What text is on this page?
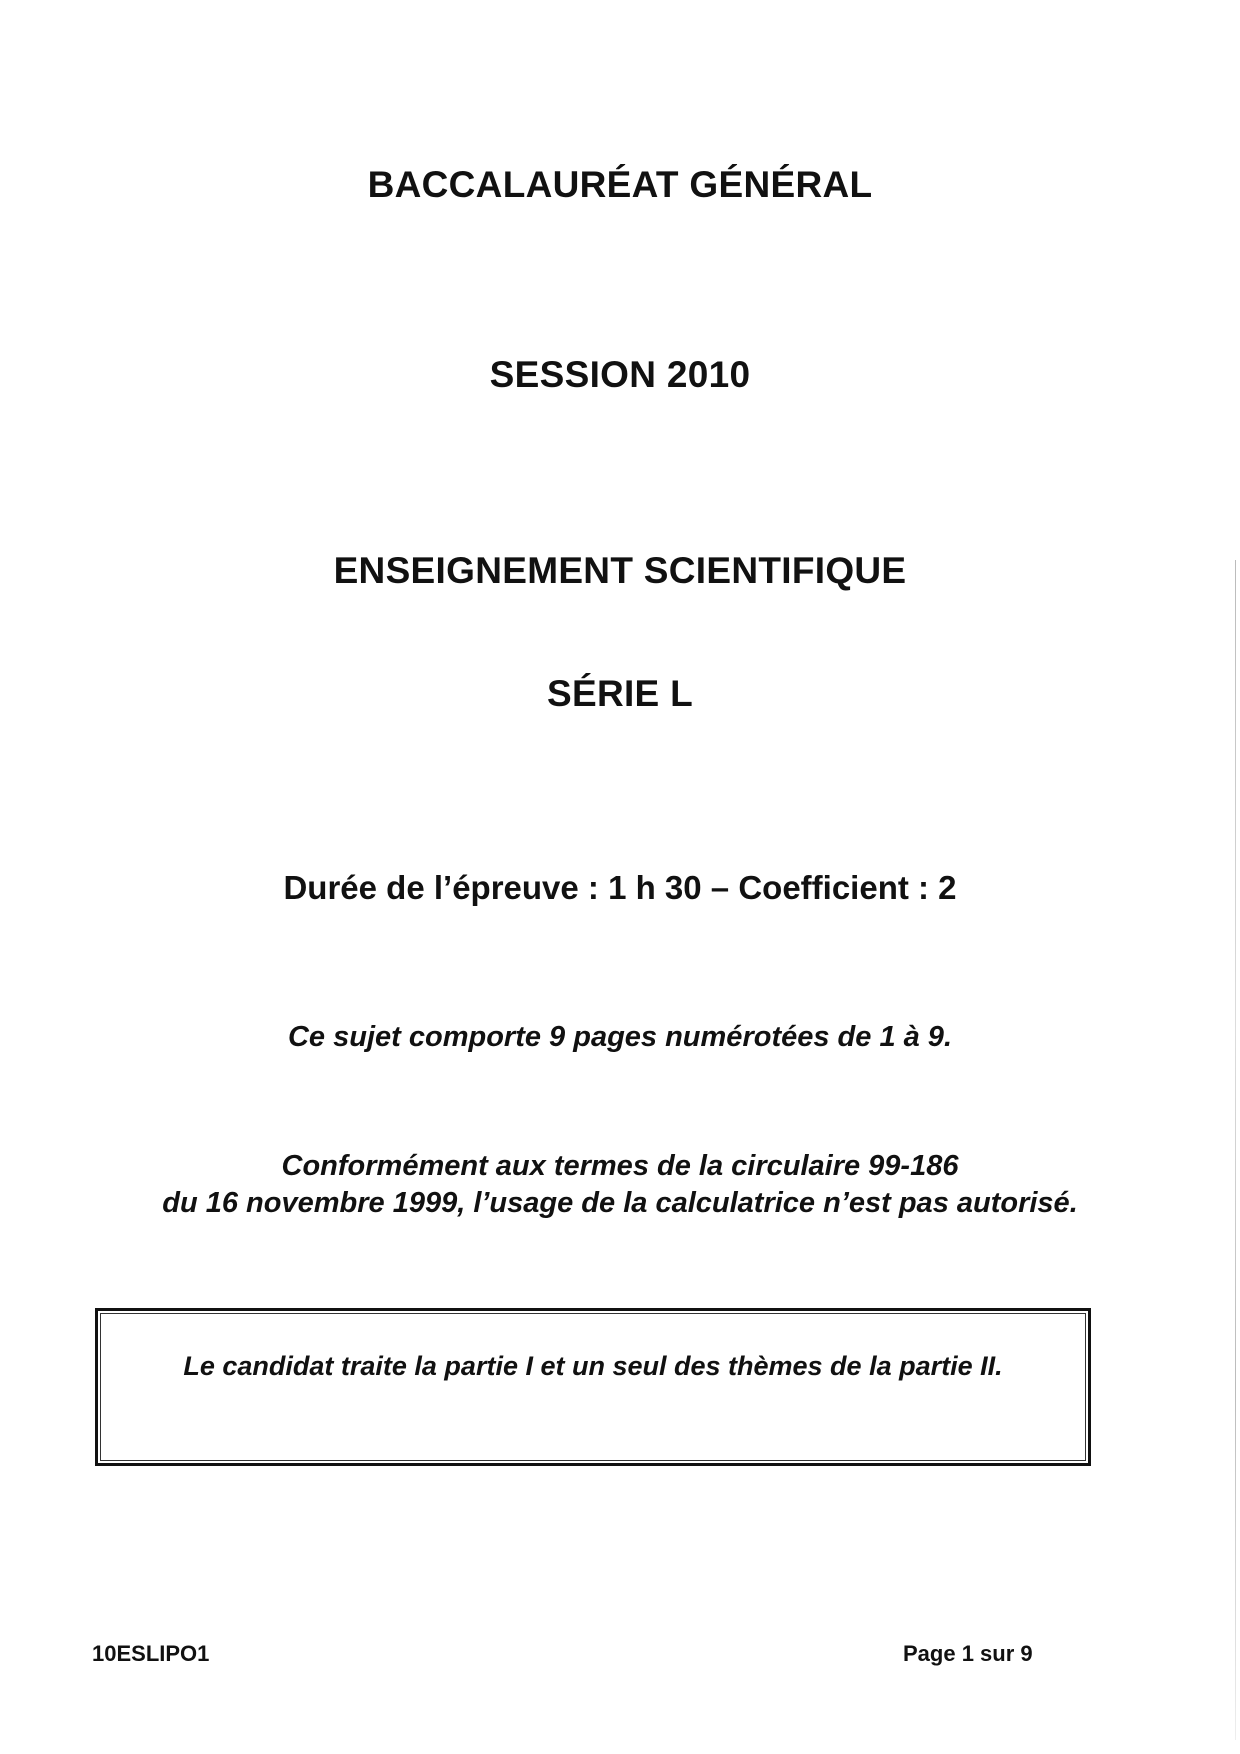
BACCALAURÉAT GÉNÉRAL
SESSION 2010
ENSEIGNEMENT SCIENTIFIQUE
SÉRIE L
Durée de l’épreuve : 1 h 30 – Coefficient : 2
Ce sujet comporte 9 pages numérotées de 1 à 9.
Conformément aux termes de la circulaire 99-186
du 16 novembre 1999, l’usage de la calculatrice n’est pas autorisé.
Le candidat traite la partie I et un seul des thèmes de la partie II.
10ESLIPO1	Page 1 sur 9
